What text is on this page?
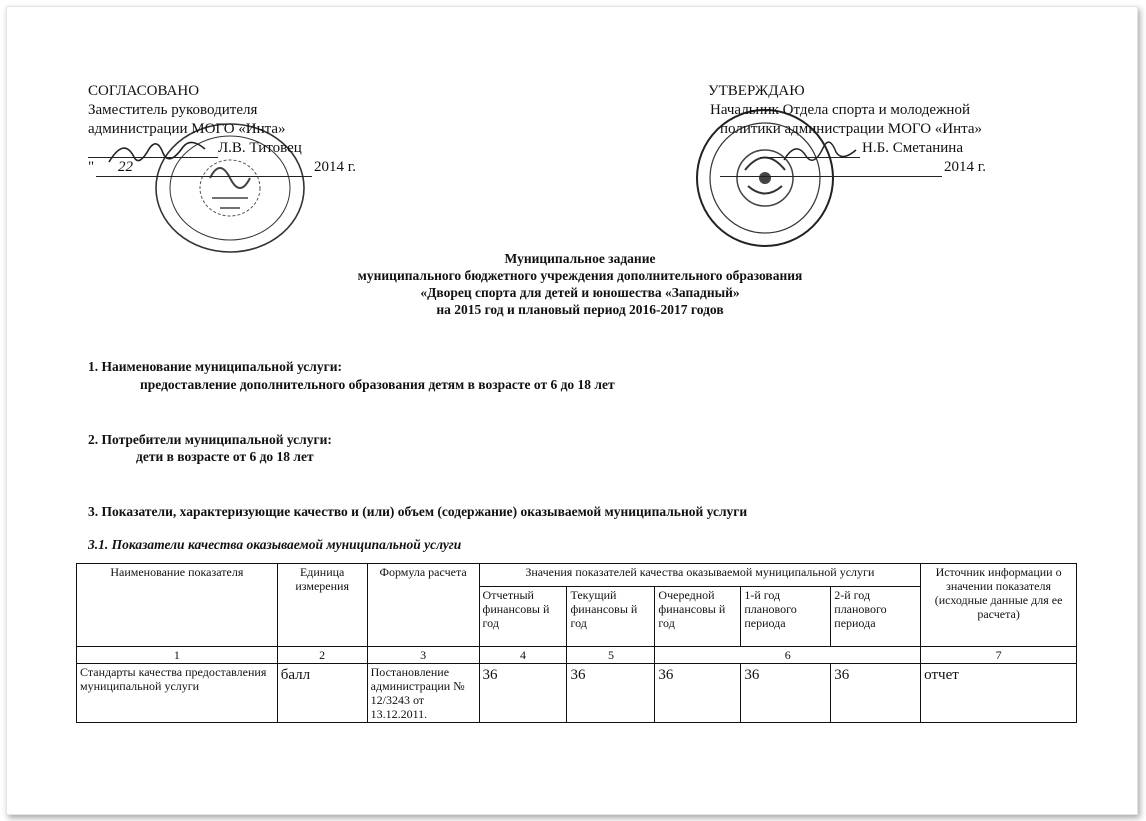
СОГЛАСОВАНО
Заместитель руководителя
администрации МОГО «Инта»
Л.В. Титовец
" 22	2014 г.
УТВЕРЖДАЮ
Начальник Отдела спорта и молодежной
политики администрации МОГО «Инта»
Н.Б. Сметанина
2014 г.
Муниципальное задание
муниципального бюджетного учреждения дополнительного образования
«Дворец спорта для детей и юношества «Западный»
на 2015 год и плановый период 2016-2017 годов
1. Наименование муниципальной услуги:
предоставление дополнительного образования детям в возрасте от 6 до 18 лет
2. Потребители муниципальной услуги:
дети в возрасте от 6 до 18 лет
3. Показатели, характеризующие качество и (или) объем (содержание) оказываемой муниципальной услуги
3.1. Показатели качества оказываемой муниципальной услуги
Наименование показателя	Единица измерения	Формула расчета	Значения показателей качества оказываемой муниципальной услуги					Источник информации о значении показателя (исходные данные для ее расчета)
			Отчетный финансовы й год	Текущий финансовы й год	Очередной финансовы й год	1-й год планового периода	2-й год планового периода	
1	2	3	4	5	6			7
Стандарты качества предоставления муниципальной услуги	балл	Постановление администрации № 12/3243 от 13.12.2011.	36	36	36	36	36	отчет
